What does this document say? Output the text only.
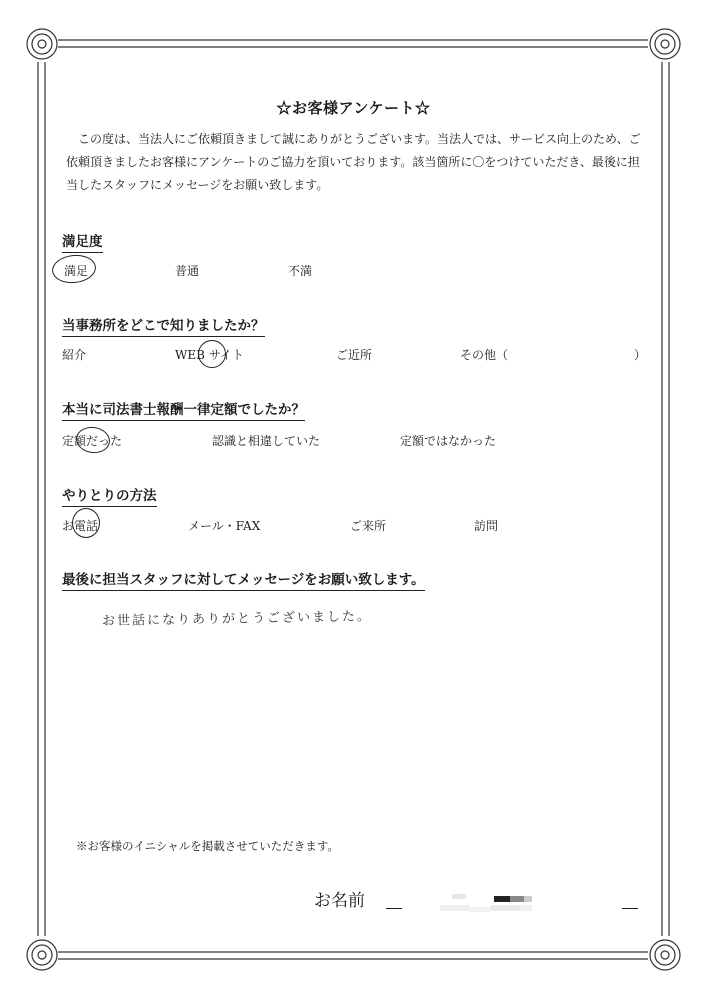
☆お客様アンケート☆
この度は、当法人にご依頼頂きまして誠にありがとうございます。当法人では、サービス向上のため、ご依頼頂きましたお客様にアンケートのご協力を頂いております。該当箇所に〇をつけていただき、最後に担当したスタッフにメッセージをお願い致します。
満足度
満足	普通	不満
当事務所をどこで知りましたか？
紹介	WEB サイト	ご近所	その他（	）
本当に司法書士報酬一律定額でしたか？
定額だった	認識と相違していた	定額ではなかった
やりとりの方法
お電話	メール・FAX	ご来所	訪問
最後に担当スタッフに対してメッセージをお願い致します。
お世話になりありがとうございました。
※お客様のイニシャルを掲載させていただきます。
お名前
